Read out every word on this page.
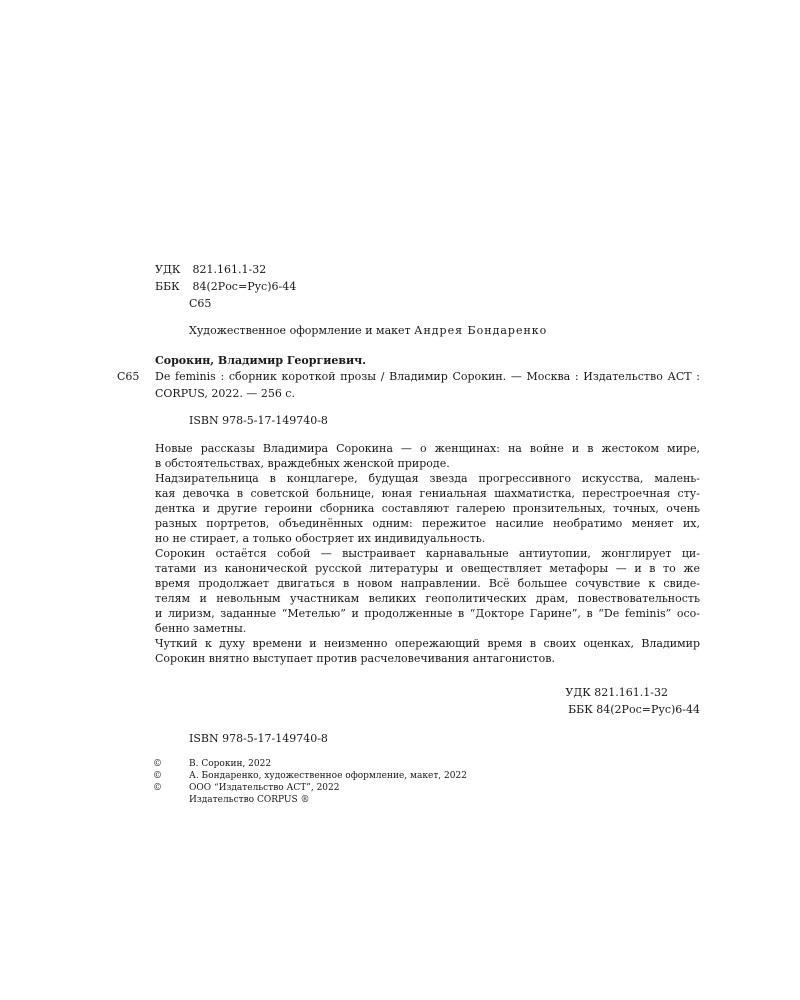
УДК 821.161.1-32
ББК 84(2Рос=Рус)6-44
С65
Художественное оформление и макет Андрея Бондаренко
Сорокин, Владимир Георгиевич.
С65 De feminis : сборник короткой прозы / Владимир Сорокин. — Москва : Издательство АСТ :
CORPUS, 2022. — 256 с.
ISBN 978-5-17-149740-8
Новые рассказы Владимира Сорокина — о женщинах: на войне и в жестоком мире,
в обстоятельствах, враждебных женской природе.
Надзирательница в концлагере, будущая звезда прогрессивного искусства, малень-
кая девочка в советской больнице, юная гениальная шахматистка, перестроечная сту-
дентка и другие героини сборника составляют галерею пронзительных, точных, очень
разных портретов, объединённых одним: пережитое насилие необратимо меняет их,
но не стирает, а только обостряет их индивидуальность.
Сорокин остаётся собой — выстраивает карнавальные антиутопии, жонглирует ци-
татами из канонической русской литературы и овеществляет метафоры — и в то же
время продолжает двигаться в новом направлении. Всё большее сочувствие к свиде-
телям и невольным участникам великих геополитических драм, повествовательность
и лиризм, заданные “Метелью” и продолженные в “Докторе Гарине”, в “De feminis” осо-
бенно заметны.
Чуткий к духу времени и неизменно опережающий время в своих оценках, Владимир
Сорокин внятно выступает против расчеловечивания антагонистов.
УДК 821.161.1-32
ББК 84(2Рос=Рус)6-44
ISBN 978-5-17-149740-8
©	В. Сорокин, 2022
©	А. Бондаренко, художественное оформление, макет, 2022
©	ООО “Издательство АСТ”, 2022
Издательство CORPUS ®
